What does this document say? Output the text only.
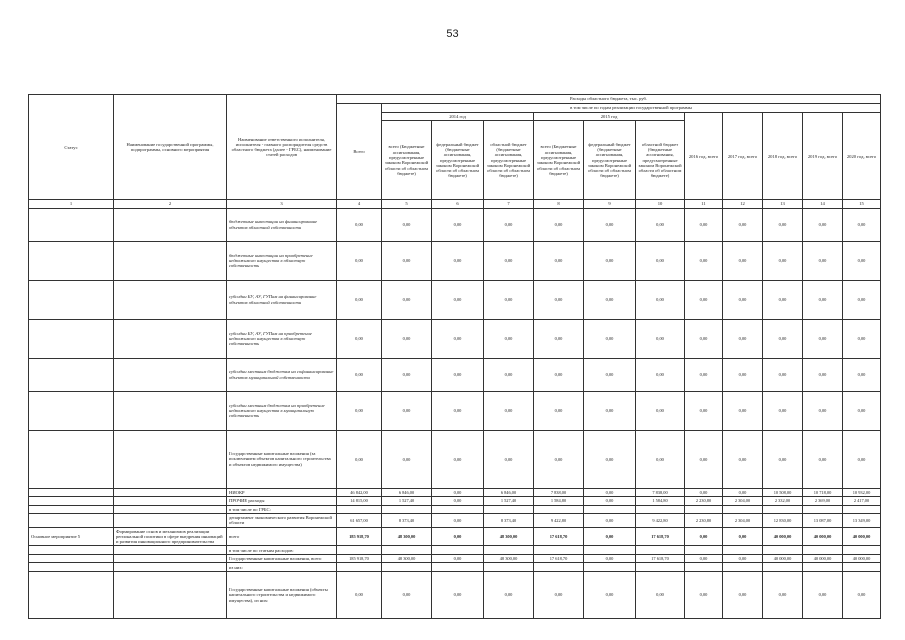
53
Статус	Наименование государственной программы, подпрограммы, основного мероприятия	Наименование ответственного исполнителя, исполнителя - главного распорядителя средств областного бюджета (далее - ГРБС), наименование статей расходов	Расходы областного бюджета, тыс. руб.											
			Всего	в том числе по годам реализации государственной программы										
				2014 год			2015 год			2016 год, всего	2017 год, всего	2018 год, всего	2019 год, всего	2020 год, всего
				всего (Бюджетные ассигнования, предусмотренные законом Воронежской области об областном бюджете)	федеральный бюджет (бюджетные ассигнования, предусмотренные законом Воронежской области об областном бюджете)	областной бюджет (бюджетные ассигнования, предусмотренные законом Воронежской области об областном бюджете)	всего (Бюджетные ассигнования, предусмотренные законом Воронежской области об областном бюджете)	федеральный бюджет (бюджетные ассигнования, предусмотренные законом Воронежской области об областном бюджете)	областной бюджет (бюджетные ассигнования, предусмотренные законом Воронежской области об областном бюджете)					
1	2	3	4	5	6	7	8	9	10	11	12	13	14	15
		бюджетные инвестиции на финансирование объектов областной собственности	0,00	0,00	0,00	0,00	0,00	0,00	0,00	0,00	0,00	0,00	0,00	0,00
		бюджетные инвестиции на приобретение недвижимого имущества в областную собственность	0,00	0,00	0,00	0,00	0,00	0,00	0,00	0,00	0,00	0,00	0,00	0,00
		субсидии БУ, АУ, ГУПам на финансирование объектов областной собственности	0,00	0,00	0,00	0,00	0,00	0,00	0,00	0,00	0,00	0,00	0,00	0,00
		субсидии БУ, АУ, ГУПам на приобретение недвижимого имущества в областную собственность	0,00	0,00	0,00	0,00	0,00	0,00	0,00	0,00	0,00	0,00	0,00	0,00
		субсидии местным бюджетам на софинансирование объектов муниципальной собственности	0,00	0,00	0,00	0,00	0,00	0,00	0,00	0,00	0,00	0,00	0,00	0,00
		субсидии местным бюджетам на приобретение недвижимого имущества в муниципальную собственность	0,00	0,00	0,00	0,00	0,00	0,00	0,00	0,00	0,00	0,00	0,00	0,00
		Государственные капитальные вложения (за исключением объектов капитального строительства и объектов недвижимого имущества)	0,00	0,00	0,00	0,00	0,00	0,00	0,00	0,00	0,00	0,00	0,00	0,00
		НИОКР	46 842,00	6 846,00	0,00	6 846,00	7 838,00	0,00	7 838,00	0,00	0,00	10 508,00	10 718,00	10 932,00
		ПРОЧИЕ расходы	14 815,00	1 527,40	0,00	1 527,40	1 584,80	0,00	1 584,80	2 230,80	2 304,00	2 332,00	2 369,00	2 417,00
		в том числе по ГРБС:												
		департамент экономического развития Воронежской области	61 657,00	8 373,40	0,00	8 373,40	9 422,80	0,00	9 422,80	2 230,80	2 304,00	12 830,00	13 087,00	13 349,00
Основное мероприятие 5	Формирование основ и механизмов реализации региональной политики в сфере внедрения инноваций и развития инновационного предпринимательства	всего	185 918,70	48 300,00	0,00	48 300,00	17 618,70	0,00	17 618,70	0,00	0,00	40 000,00	40 000,00	40 000,00
		в том числе по статьям расходов:												
		Государственные капитальные вложения, всего	185 918,70	48 300,00	0,00	48 300,00	17 618,70	0,00	17 618,70	0,00	0,00	40 000,00	40 000,00	40 000,00
		из них:												
		Государственные капитальные вложения (объекты капитального строительства и недвижимого имущества), из них:	0,00	0,00	0,00	0,00	0,00	0,00	0,00	0,00	0,00	0,00	0,00	0,00
